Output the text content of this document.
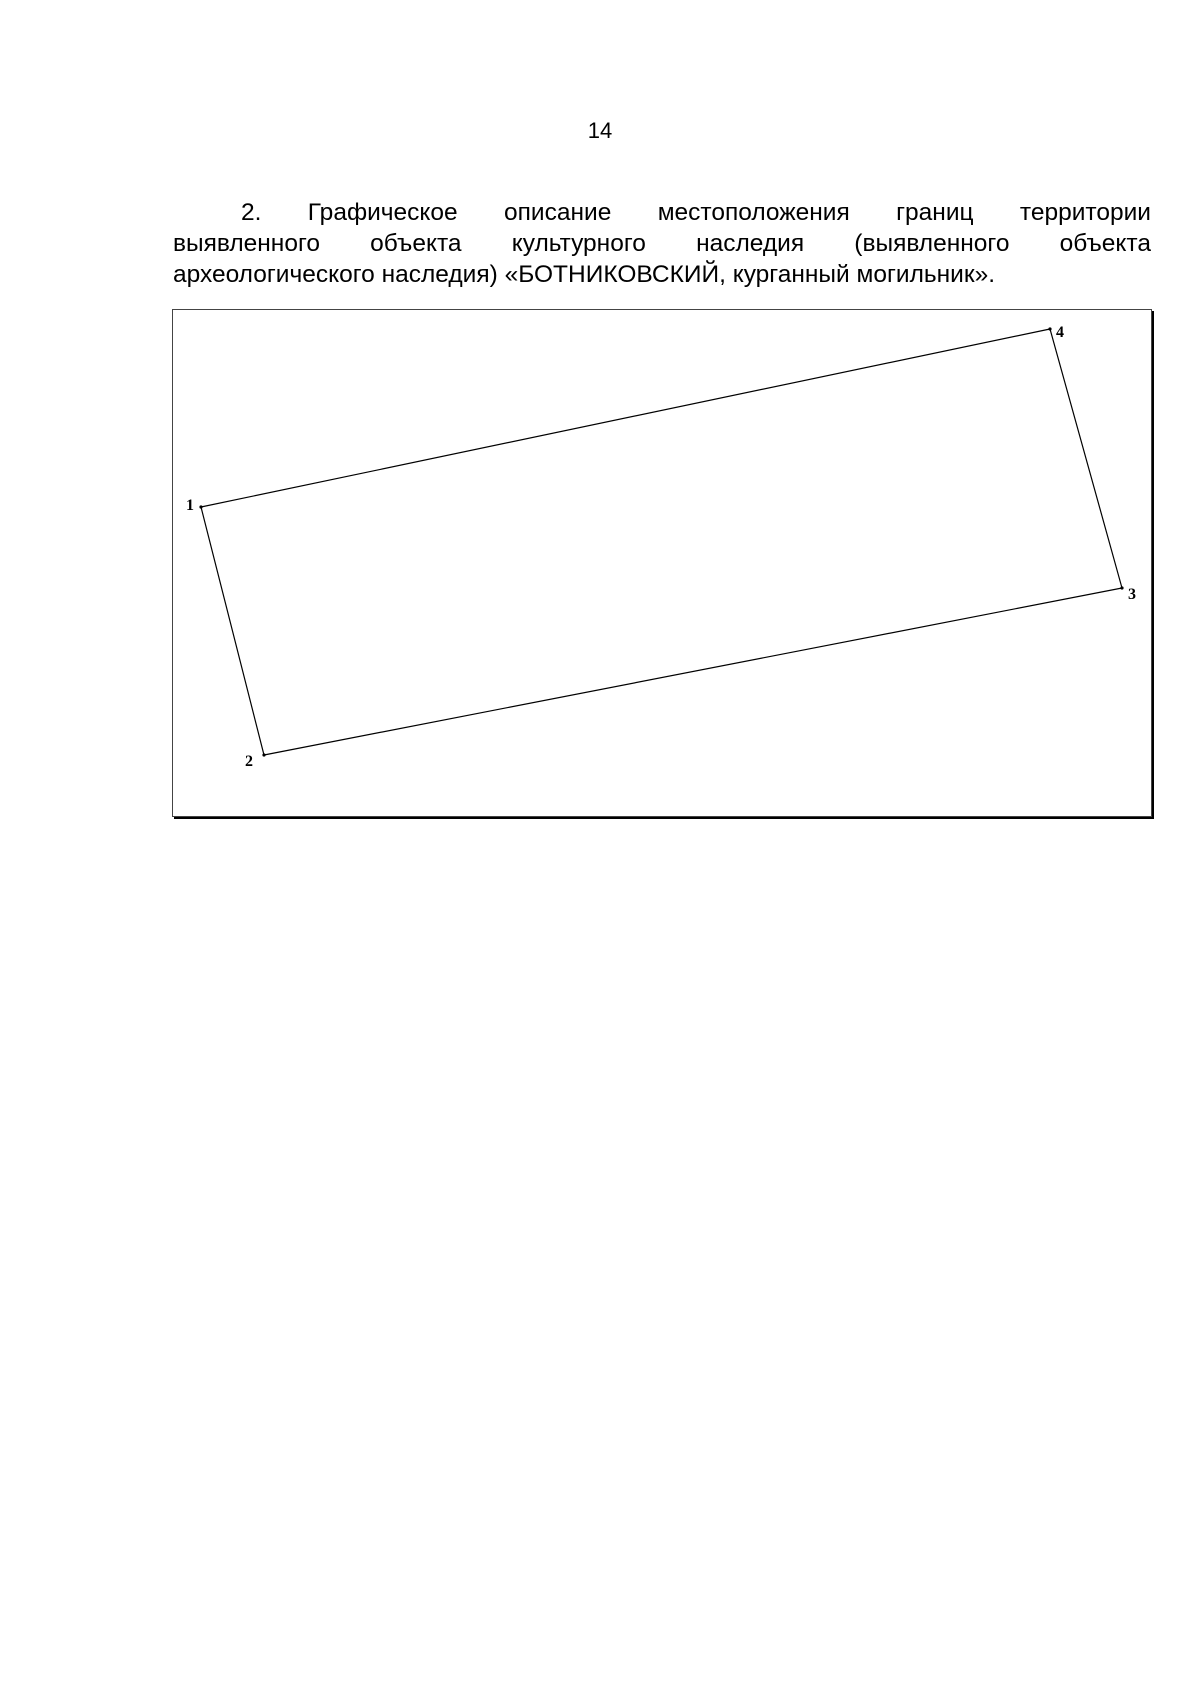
14
2. Графическое описание местоположения границ территории
выявленного объекта культурного наследия (выявленного объекта
археологического наследия) «БОТНИКОВСКИЙ, курганный могильник».
1
2
3
4
